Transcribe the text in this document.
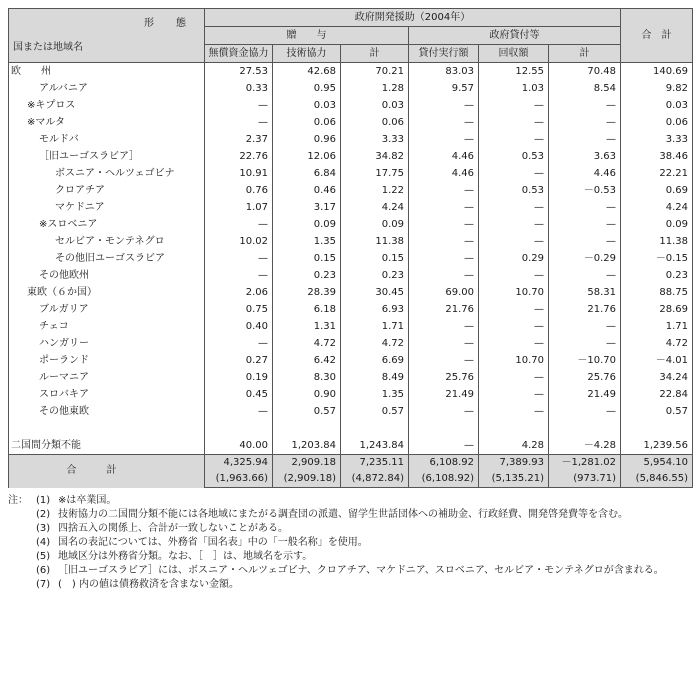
形　態
国または地域名	政府開発援助（2004年）						合　計
	贈　　与			政府貸付等			
	無償資金協力	技術協力	計	貸付実行額	回収額	計	
欧　　州	27.53	42.68	70.21	83.03	12.55	70.48	140.69
アルバニア	0.33	0.95	1.28	9.57	1.03	8.54	9.82
※キプロス	—	0.03	0.03	—	—	—	0.03
※マルタ	—	0.06	0.06	—	—	—	0.06
モルドバ	2.37	0.96	3.33	—	—	—	3.33
［旧ユーゴスラビア］	22.76	12.06	34.82	4.46	0.53	3.63	38.46
ボスニア・ヘルツェゴビナ	10.91	6.84	17.75	4.46	—	4.46	22.21
クロアチア	0.76	0.46	1.22	—	0.53	－0.53	0.69
マケドニア	1.07	3.17	4.24	—	—	—	4.24
※スロベニア	—	0.09	0.09	—	—	—	0.09
セルビア・モンテネグロ	10.02	1.35	11.38	—	—	—	11.38
その他旧ユーゴスラビア	—	0.15	0.15	—	0.29	－0.29	－0.15
その他欧州	—	0.23	0.23	—	—	—	0.23
東欧（６か国）	2.06	28.39	30.45	69.00	10.70	58.31	88.75
ブルガリア	0.75	6.18	6.93	21.76	—	21.76	28.69
チェコ	0.40	1.31	1.71	—	—	—	1.71
ハンガリー	—	4.72	4.72	—	—	—	4.72
ポーランド	0.27	6.42	6.69	—	10.70	－10.70	－4.01
ルーマニア	0.19	8.30	8.49	25.76	—	25.76	34.24
スロバキア	0.45	0.90	1.35	21.49	—	21.49	22.84
その他東欧	—	0.57	0.57	—	—	—	0.57

二国間分類不能	40.00	1,203.84	1,243.84	—	4.28	－4.28	1,239.56
合計	4,325.94	2,909.18	7,235.11	6,108.92	7,389.93	－1,281.02	5,954.10
	(1,963.66)	(2,909.18)	(4,872.84)	(6,108.92)	(5,135.21)	(973.71)	(5,846.55)
注： (1) ※は卒業国。
(2) 技術協力の二国間分類不能には各地域にまたがる調査団の派遣、留学生世話団体への補助金、行政経費、開発啓発費等を含む。
(3) 四捨五入の関係上、合計が一致しないことがある。
(4) 国名の表記については、外務省「国名表」中の「一般名称」を使用。
(5) 地域区分は外務省分類。なお、［　］は、地域名を示す。
(6) ［旧ユーゴスラビア］には、ボスニア・ヘルツェゴビナ、クロアチア、マケドニア、スロベニア、セルビア・モンテネグロが含まれる。
(7) (　) 内の値は債務救済を含まない金額。
